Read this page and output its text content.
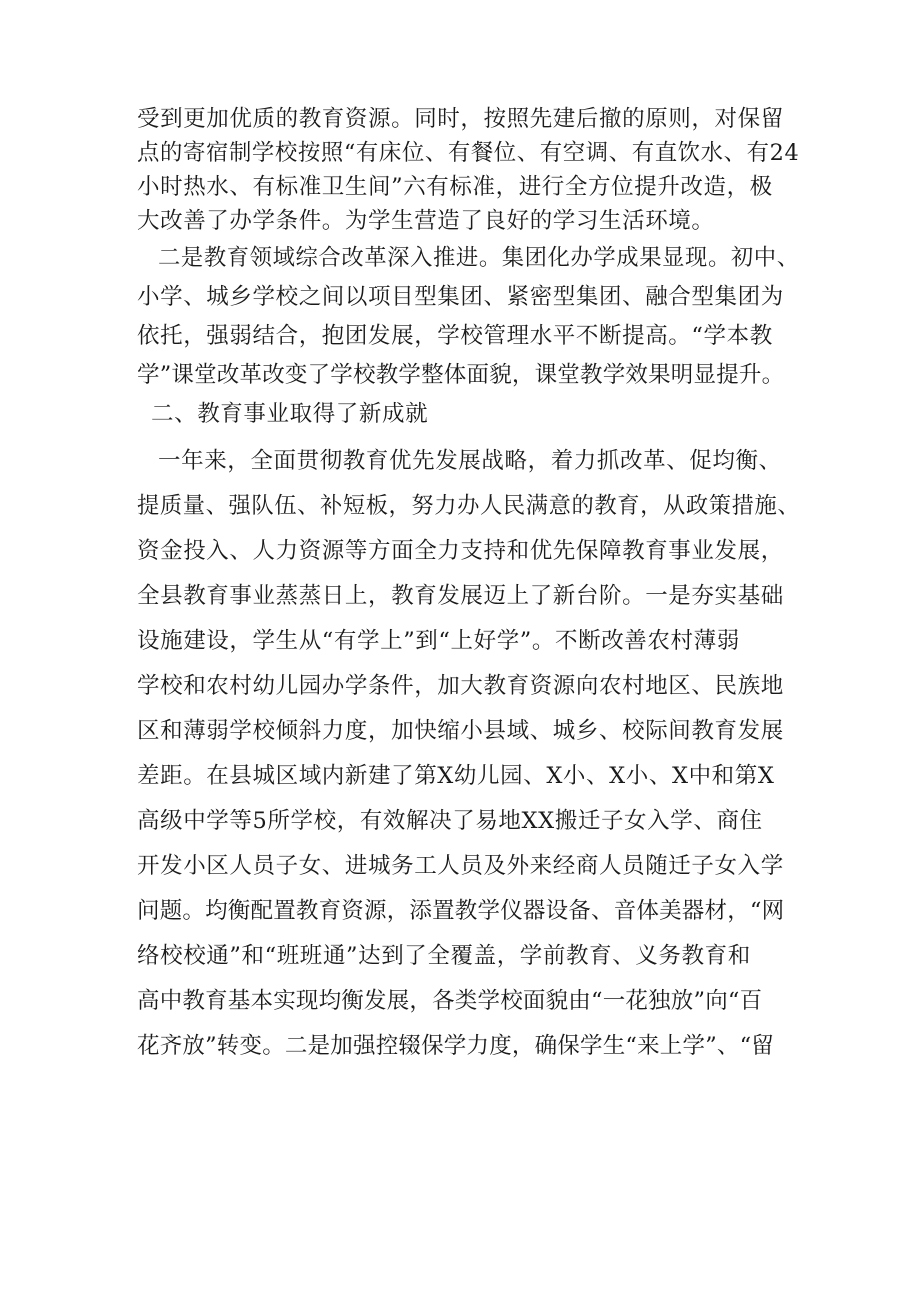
受到更加优质的教育资源。同时，按照先建后撤的原则，对保留
点的寄宿制学校按照“有床位、有餐位、有空调、有直饮水、有24
小时热水、有标准卫生间”六有标准，进行全方位提升改造，极
大改善了办学条件。为学生营造了良好的学习生活环境。
二是教育领域综合改革深入推进。集团化办学成果显现。初中、
小学、城乡学校之间以项目型集团、紧密型集团、融合型集团为
依托，强弱结合，抱团发展，学校管理水平不断提高。“学本教
学”课堂改革改变了学校教学整体面貌，课堂教学效果明显提升。
二、教育事业取得了新成就
一年来，全面贯彻教育优先发展战略，着力抓改革、促均衡、
提质量、强队伍、补短板，努力办人民满意的教育，从政策措施、
资金投入、人力资源等方面全力支持和优先保障教育事业发展，
全县教育事业蒸蒸日上，教育发展迈上了新台阶。一是夯实基础
设施建设，学生从“有学上”到“上好学”。不断改善农村薄弱
学校和农村幼儿园办学条件，加大教育资源向农村地区、民族地
区和薄弱学校倾斜力度，加快缩小县域、城乡、校际间教育发展
差距。在县城区域内新建了第X幼儿园、X小、X小、X中和第X
高级中学等5所学校，有效解决了易地XX搬迁子女入学、商住
开发小区人员子女、进城务工人员及外来经商人员随迁子女入学
问题。均衡配置教育资源，添置教学仪器设备、音体美器材，“网
络校校通”和“班班通”达到了全覆盖，学前教育、义务教育和
高中教育基本实现均衡发展，各类学校面貌由“一花独放”向“百
花齐放”转变。二是加强控辍保学力度，确保学生“来上学”、“留
